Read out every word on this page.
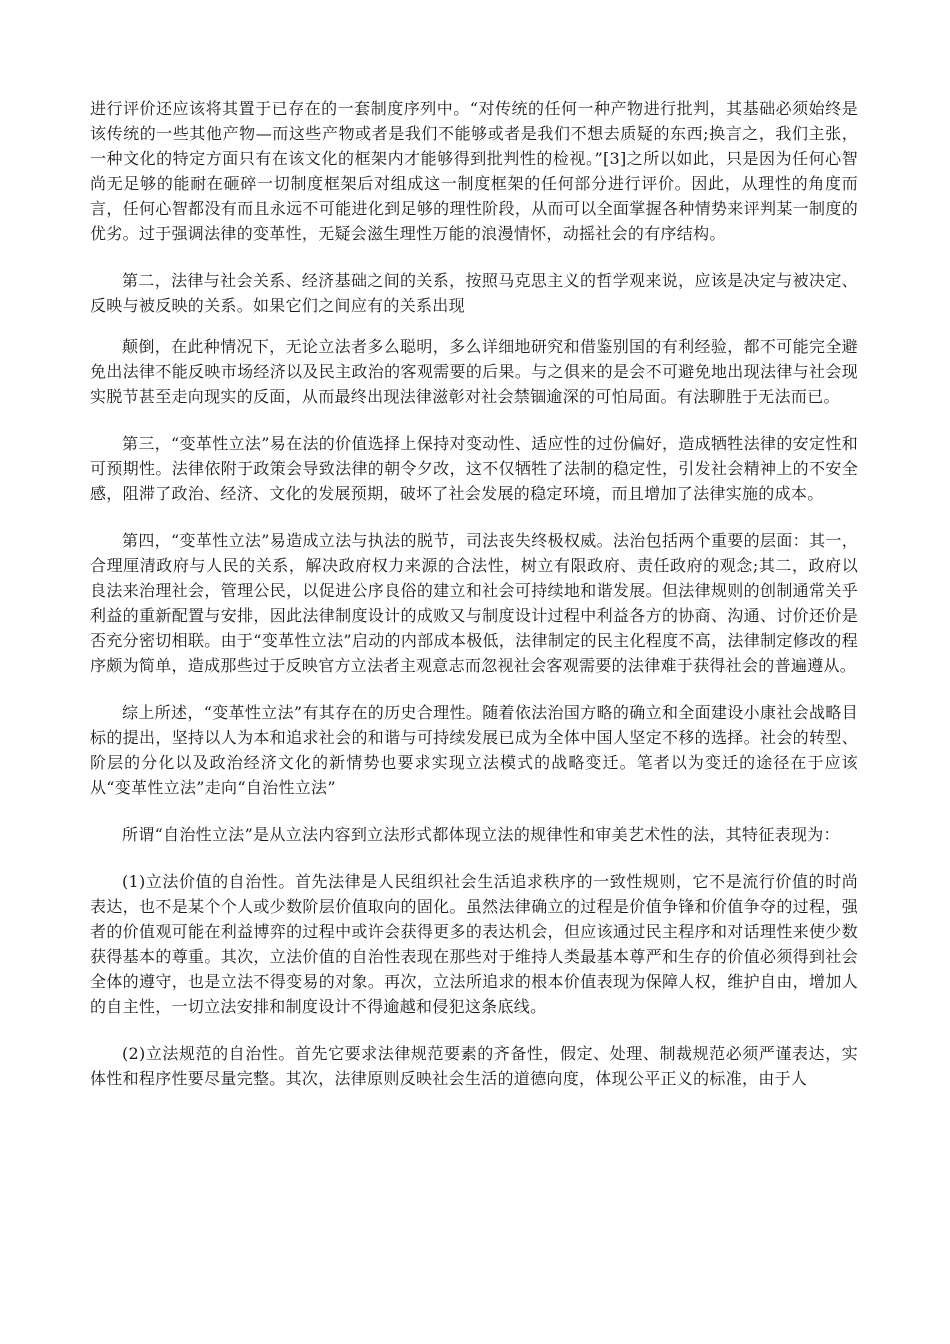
进行评价还应该将其置于已存在的一套制度序列中。“对传统的任何一种产物进行批判，其基础必须始终是该传统的一些其他产物—而这些产物或者是我们不能够或者是我们不想去质疑的东西;换言之，我们主张，一种文化的特定方面只有在该文化的框架内才能够得到批判性的检视。”[3]之所以如此，只是因为任何心智尚无足够的能耐在砸碎一切制度框架后对组成这一制度框架的任何部分进行评价。因此，从理性的角度而言，任何心智都没有而且永远不可能进化到足够的理性阶段，从而可以全面掌握各种情势来评判某一制度的优劣。过于强调法律的变革性，无疑会滋生理性万能的浪漫情怀，动摇社会的有序结构。

第二，法律与社会关系、经济基础之间的关系，按照马克思主义的哲学观来说，应该是决定与被决定、反映与被反映的关系。如果它们之间应有的关系出现

颠倒，在此种情况下，无论立法者多么聪明，多么详细地研究和借鉴别国的有利经验，都不可能完全避免出法律不能反映市场经济以及民主政治的客观需要的后果。与之俱来的是会不可避免地出现法律与社会现实脱节甚至走向现实的反面，从而最终出现法律滋彰对社会禁锢逾深的可怕局面。有法聊胜于无法而已。

第三，“变革性立法”易在法的价值选择上保持对变动性、适应性的过份偏好，造成牺牲法律的安定性和可预期性。法律依附于政策会导致法律的朝令夕改，这不仅牺牲了法制的稳定性，引发社会精神上的不安全感，阻滞了政治、经济、文化的发展预期，破坏了社会发展的稳定环境，而且增加了法律实施的成本。

第四，“变革性立法”易造成立法与执法的脱节，司法丧失终极权威。法治包括两个重要的层面：其一，合理厘清政府与人民的关系，解决政府权力来源的合法性，树立有限政府、责任政府的观念;其二，政府以良法来治理社会，管理公民，以促进公序良俗的建立和社会可持续地和谐发展。但法律规则的创制通常关乎利益的重新配置与安排，因此法律制度设计的成败又与制度设计过程中利益各方的协商、沟通、讨价还价是否充分密切相联。由于“变革性立法”启动的内部成本极低，法律制定的民主化程度不高，法律制定修改的程序颇为简单，造成那些过于反映官方立法者主观意志而忽视社会客观需要的法律难于获得社会的普遍遵从。

综上所述，“变革性立法”有其存在的历史合理性。随着依法治国方略的确立和全面建设小康社会战略目标的提出，坚持以人为本和追求社会的和谐与可持续发展已成为全体中国人坚定不移的选择。社会的转型、阶层的分化以及政治经济文化的新情势也要求实现立法模式的战略变迁。笔者以为变迁的途径在于应该从“变革性立法”走向“自治性立法”

所谓“自治性立法”是从立法内容到立法形式都体现立法的规律性和审美艺术性的法，其特征表现为：

(1)立法价值的自治性。首先法律是人民组织社会生活追求秩序的一致性规则，它不是流行价值的时尚表达，也不是某个个人或少数阶层价值取向的固化。虽然法律确立的过程是价值争锋和价值争夺的过程，强者的价值观可能在利益博弈的过程中或许会获得更多的表达机会，但应该通过民主程序和对话理性来使少数获得基本的尊重。其次，立法价值的自治性表现在那些对于维持人类最基本尊严和生存的价值必须得到社会全体的遵守，也是立法不得变易的对象。再次，立法所追求的根本价值表现为保障人权，维护自由，增加人的自主性，一切立法安排和制度设计不得逾越和侵犯这条底线。

(2)立法规范的自治性。首先它要求法律规范要素的齐备性，假定、处理、制裁规范必须严谨表达，实体性和程序性要尽量完整。其次，法律原则反映社会生活的道德向度，体现公平正义的标准，由于人
